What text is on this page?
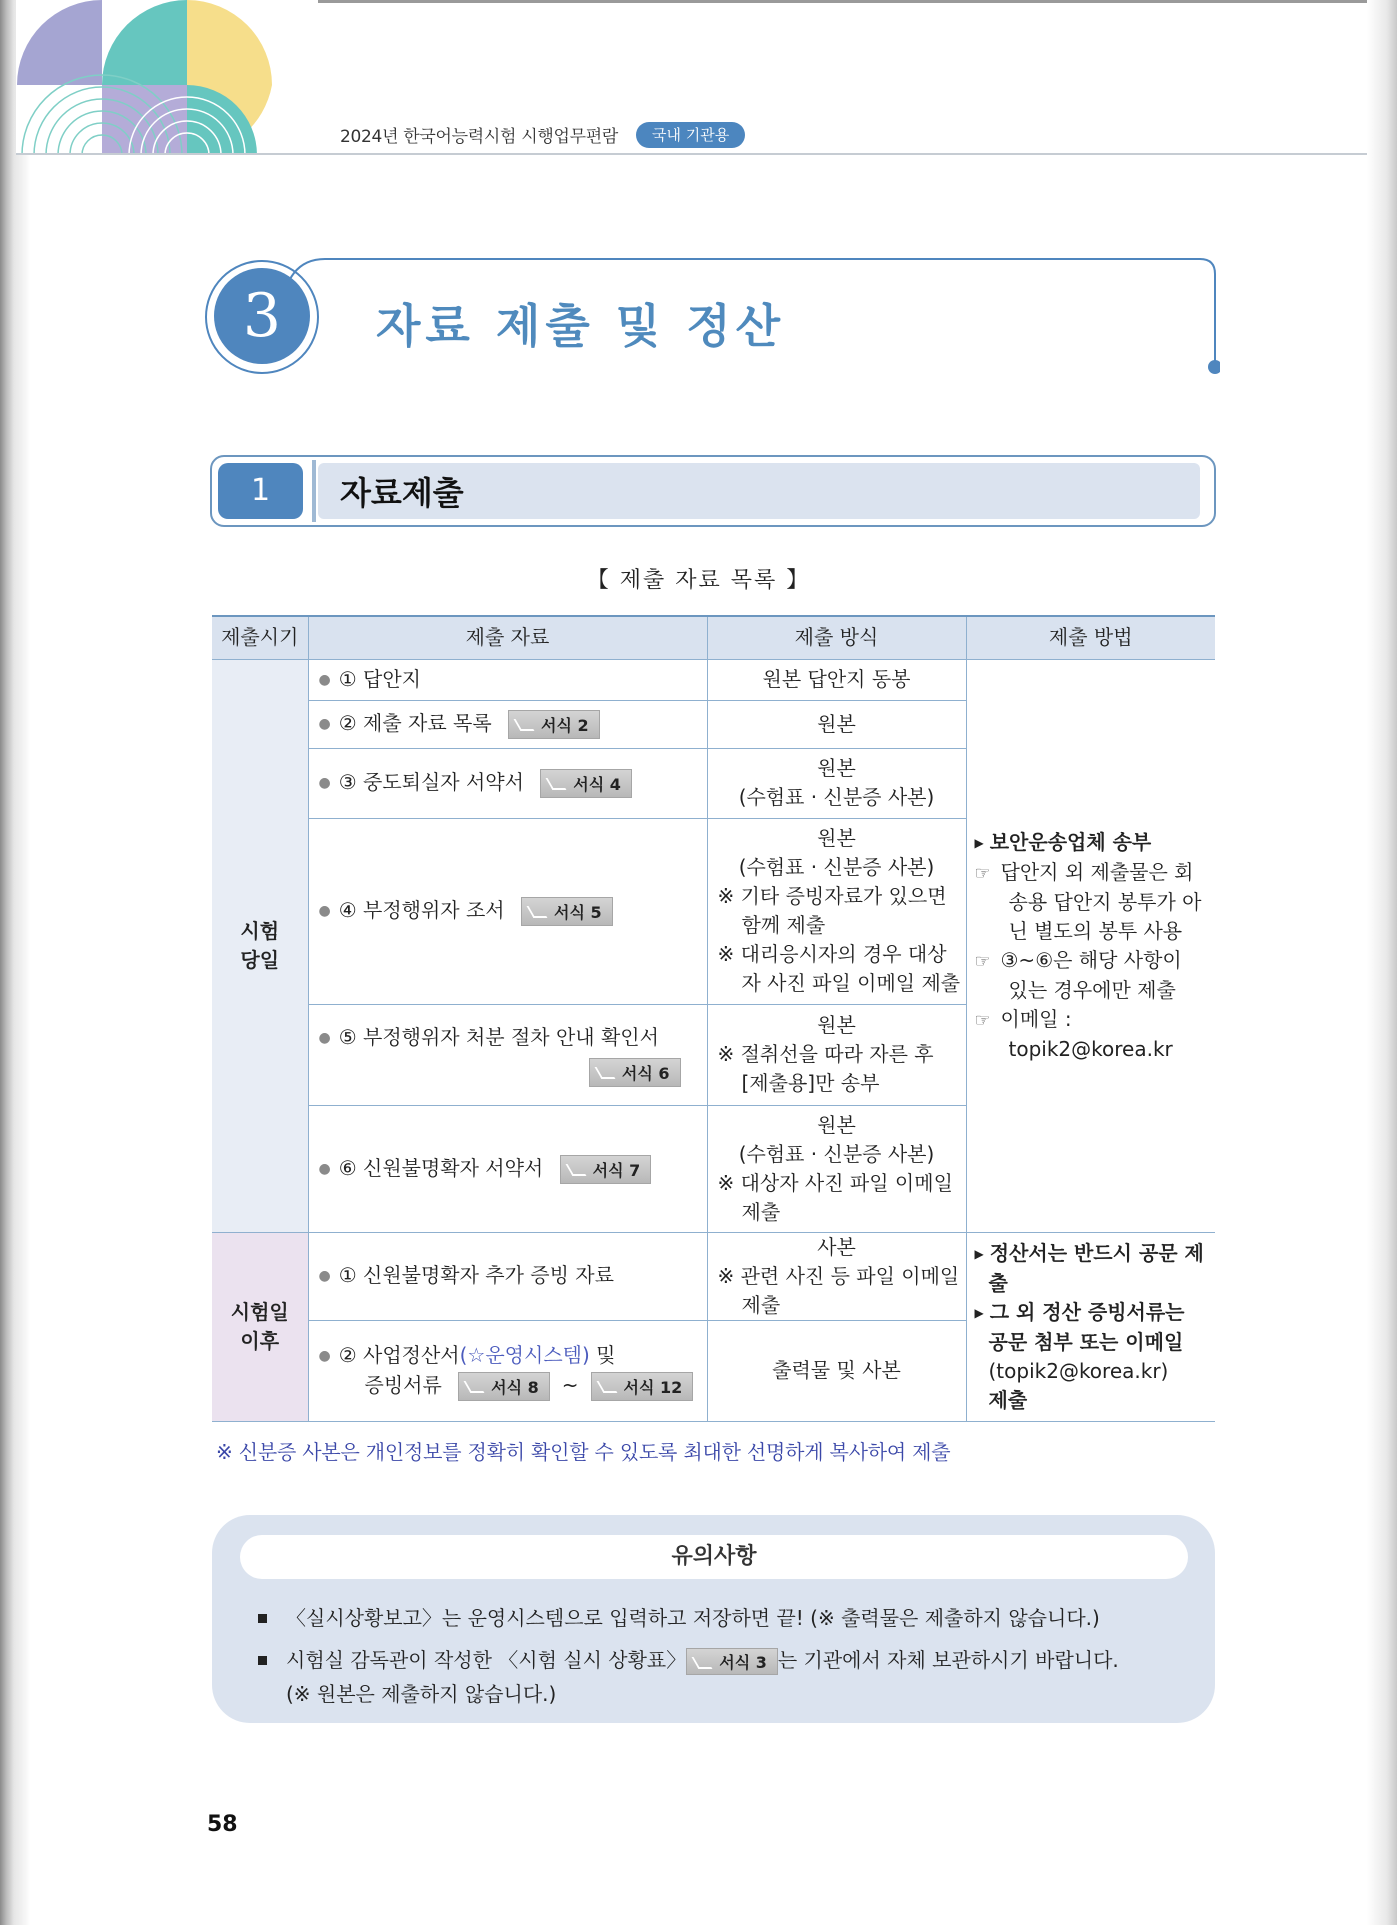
2024년 한국어능력시험 시행업무편람	국내 기관용
3	자료 제출 및 정산
1	자료제출
【 제출 자료 목록 】
제출시기	제출 자료	제출 방식	제출 방법
시험
당일	● ① 답안지	원본 답안지 동봉	▶ 보안운송업체 송부
☞ 답안지 외 제출물은 회송용 답안지 봉투가 아닌 별도의 봉투 사용
☞ ③~⑥은 해당 사항이 있는 경우에만 제출
☞ 이메일 :
topik2@korea.kr

	● ② 제출 자료 목록 서식 2	원본	
	● ③ 중도퇴실자 서약서 서식 4	원본
(수험표 · 신분증 사본)	
	● ④ 부정행위자 조서 서식 5	원본
(수험표 · 신분증 사본)
※ 기타 증빙자료가 있으면 함께 제출
※ 대리응시자의 경우 대상자 사진 파일 이메일 제출	

	● ⑤ 부정행위자 처분 절차 안내 확인서
서식 6	원본
※ 절취선을 따라 자른 후 [제출용]만 송부	

	● ⑥ 신원불명확자 서약서 서식 7	원본
(수험표 · 신분증 사본)
※ 대상자 사진 파일 이메일 제출	

시험일
이후	● ① 신원불명확자 추가 증빙 자료	사본
※ 관련 사진 등 파일 이메일 제출	▶ 정산서는 반드시 공문 제출
▶ 그 외 정산 증빙서류는 공문 첨부 또는 이메일
(topik2@korea.kr)
제출

	● ② 사업정산서(☆운영시스템) 및
증빙서류 서식 8 ~ 서식 12	출력물 및 사본	
※ 신분증 사본은 개인정보를 정확히 확인할 수 있도록 최대한 선명하게 복사하여 제출
유의사항
〈실시상황보고〉는 운영시스템으로 입력하고 저장하면 끝! (※ 출력물은 제출하지 않습니다.)
시험실 감독관이 작성한 〈시험 실시 상황표〉 서식 3 는 기관에서 자체 보관하시기 바랍니다.
(※ 원본은 제출하지 않습니다.)
58
